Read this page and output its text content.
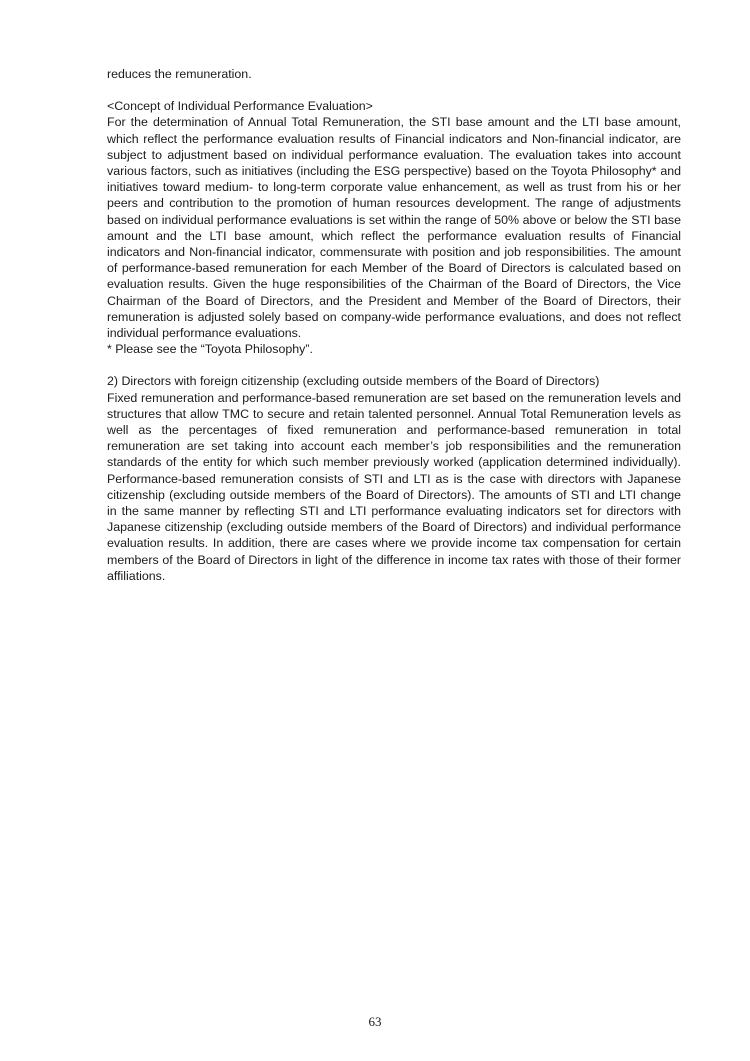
reduces the remuneration.

<Concept of Individual Performance Evaluation>

For the determination of Annual Total Remuneration, the STI base amount and the LTI base amount, which reflect the performance evaluation results of Financial indicators and Non-financial indicator, are subject to adjustment based on individual performance evaluation. The evaluation takes into account various factors, such as initiatives (including the ESG perspective) based on the Toyota Philosophy* and initiatives toward medium- to long-term corporate value enhancement, as well as trust from his or her peers and contribution to the promotion of human resources development. The range of adjustments based on individual performance evaluations is set within the range of 50% above or below the STI base amount and the LTI base amount, which reflect the performance evaluation results of Financial indicators and Non-financial indicator, commensurate with position and job responsibilities. The amount of performance-based remuneration for each Member of the Board of Directors is calculated based on evaluation results. Given the huge responsibilities of the Chairman of the Board of Directors, the Vice Chairman of the Board of Directors, and the President and Member of the Board of Directors, their remuneration is adjusted solely based on company-wide performance evaluations, and does not reflect individual performance evaluations.

* Please see the “Toyota Philosophy”.

2) Directors with foreign citizenship (excluding outside members of the Board of Directors)

Fixed remuneration and performance-based remuneration are set based on the remuneration levels and structures that allow TMC to secure and retain talented personnel. Annual Total Remuneration levels as well as the percentages of fixed remuneration and performance-based remuneration in total remuneration are set taking into account each member’s job responsibilities and the remuneration standards of the entity for which such member previously worked (application determined individually). Performance-based remuneration consists of STI and LTI as is the case with directors with Japanese citizenship (excluding outside members of the Board of Directors). The amounts of STI and LTI change in the same manner by reflecting STI and LTI performance evaluating indicators set for directors with Japanese citizenship (excluding outside members of the Board of Directors) and individual performance evaluation results. In addition, there are cases where we provide income tax compensation for certain members of the Board of Directors in light of the difference in income tax rates with those of their former affiliations.

63
